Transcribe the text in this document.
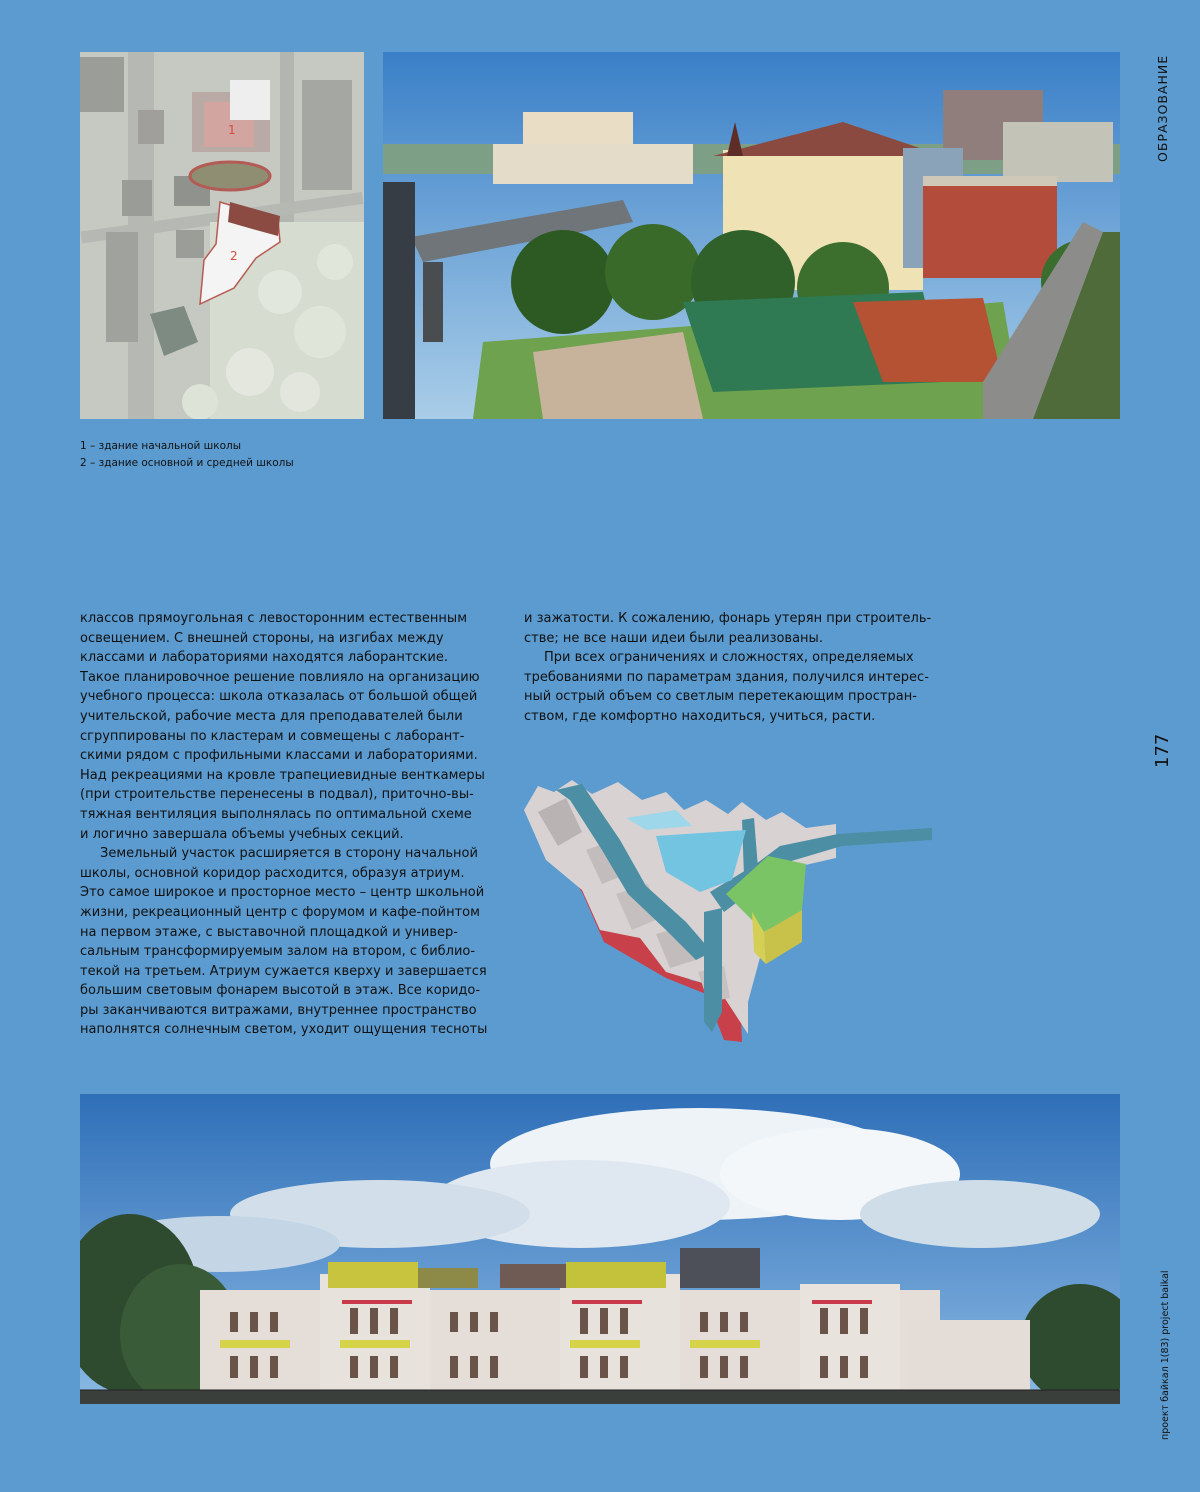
ОБРАЗОВАНИЕ
1
2
1 – здание начальной школы
2 – здание основной и средней школы

классов прямоугольная с левосторонним естественным
освещением. С внешней стороны, на изгибах между
классами и лабораториями находятся лаборантские.
Такое планировочное решение повлияло на организацию
учебного процесса: школа отказалась от большой общей
учительской, рабочие места для преподавателей были
сгруппированы по кластерам и совмещены с лаборант-
скими рядом с профильными классами и лабораториями.
Над рекреациями на кровле трапециевидные венткамеры
(при строительстве перенесены в подвал), приточно-вы-
тяжная вентиляция выполнялась по оптимальной схеме
и логично завершала объемы учебных секций.

Земельный участок расширяется в сторону начальной
школы, основной коридор расходится, образуя атриум.
Это самое широкое и просторное место – центр школьной
жизни, рекреационный центр с форумом и кафе-пойнтом
на первом этаже, с выставочной площадкой и универ-
сальным трансформируемым залом на втором, с библио-
текой на третьем. Атриум сужается кверху и завершается
большим световым фонарем высотой в этаж. Все коридо-
ры заканчиваются витражами, внутреннее пространство
наполнятся солнечным светом, уходит ощущения тесноты

и зажатости. К сожалению, фонарь утерян при строитель-
стве; не все наши идеи были реализованы.

При всех ограничениях и сложностях, определяемых
требованиями по параметрам здания, получился интерес-
ный острый объем со светлым перетекающим простран-
ством, где комфортно находиться, учиться, расти.

177
проект байкал 1(83) project baikal
